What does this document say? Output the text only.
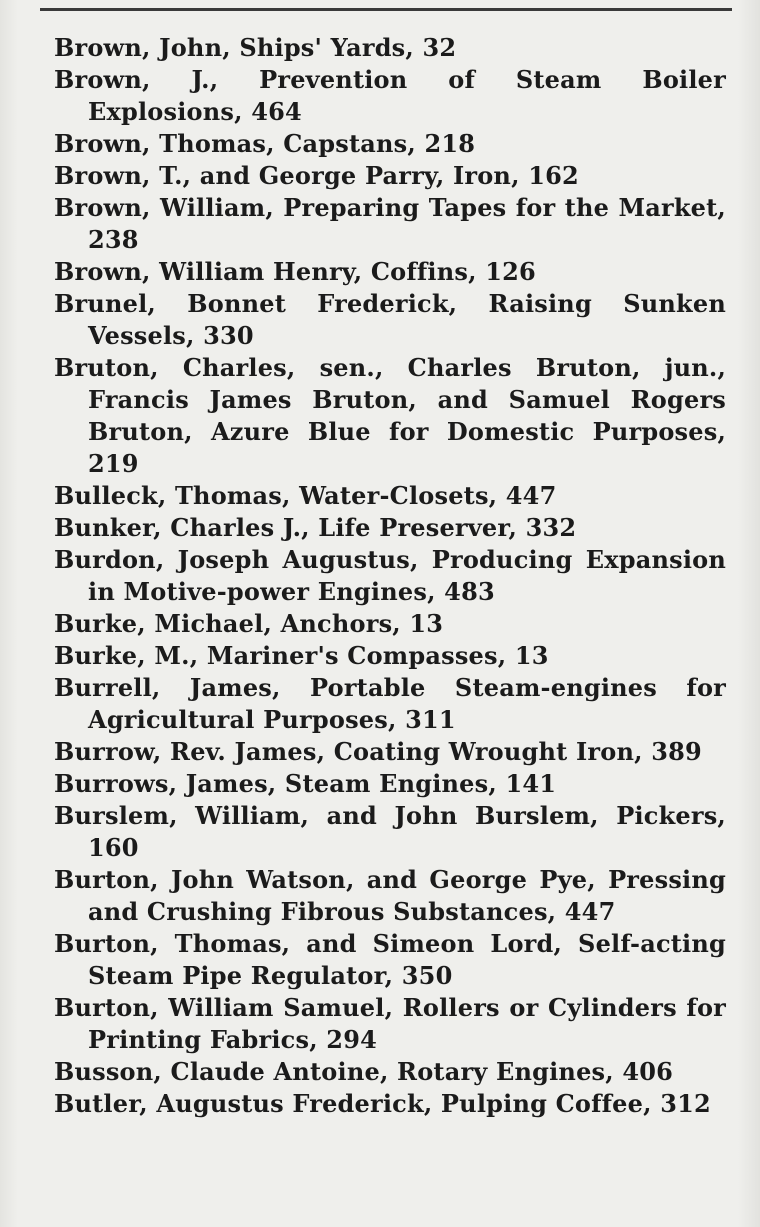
Brown, John, Ships' Yards, 32
Brown, J., Prevention of Steam Boiler Explosions, 464
Brown, Thomas, Capstans, 218
Brown, T., and George Parry, Iron, 162
Brown, William, Preparing Tapes for the Market, 238
Brown, William Henry, Coffins, 126
Brunel, Bonnet Frederick, Raising Sunken Vessels, 330
Bruton, Charles, sen., Charles Bruton, jun., Francis James Bruton, and Samuel Rogers Bruton, Azure Blue for Domestic Purposes, 219
Bulleck, Thomas, Water-Closets, 447
Bunker, Charles J., Life Preserver, 332
Burdon, Joseph Augustus, Producing Expansion in Motive-power Engines, 483
Burke, Michael, Anchors, 13
Burke, M., Mariner's Compasses, 13
Burrell, James, Portable Steam-engines for Agricultural Purposes, 311
Burrow, Rev. James, Coating Wrought Iron, 389
Burrows, James, Steam Engines, 141
Burslem, William, and John Burslem, Pickers, 160
Burton, John Watson, and George Pye, Pressing and Crushing Fibrous Substances, 447
Burton, Thomas, and Simeon Lord, Self-acting Steam Pipe Regulator, 350
Burton, William Samuel, Rollers or Cylinders for Printing Fabrics, 294
Busson, Claude Antoine, Rotary Engines, 406
Butler, Augustus Frederick, Pulping Coffee, 312
